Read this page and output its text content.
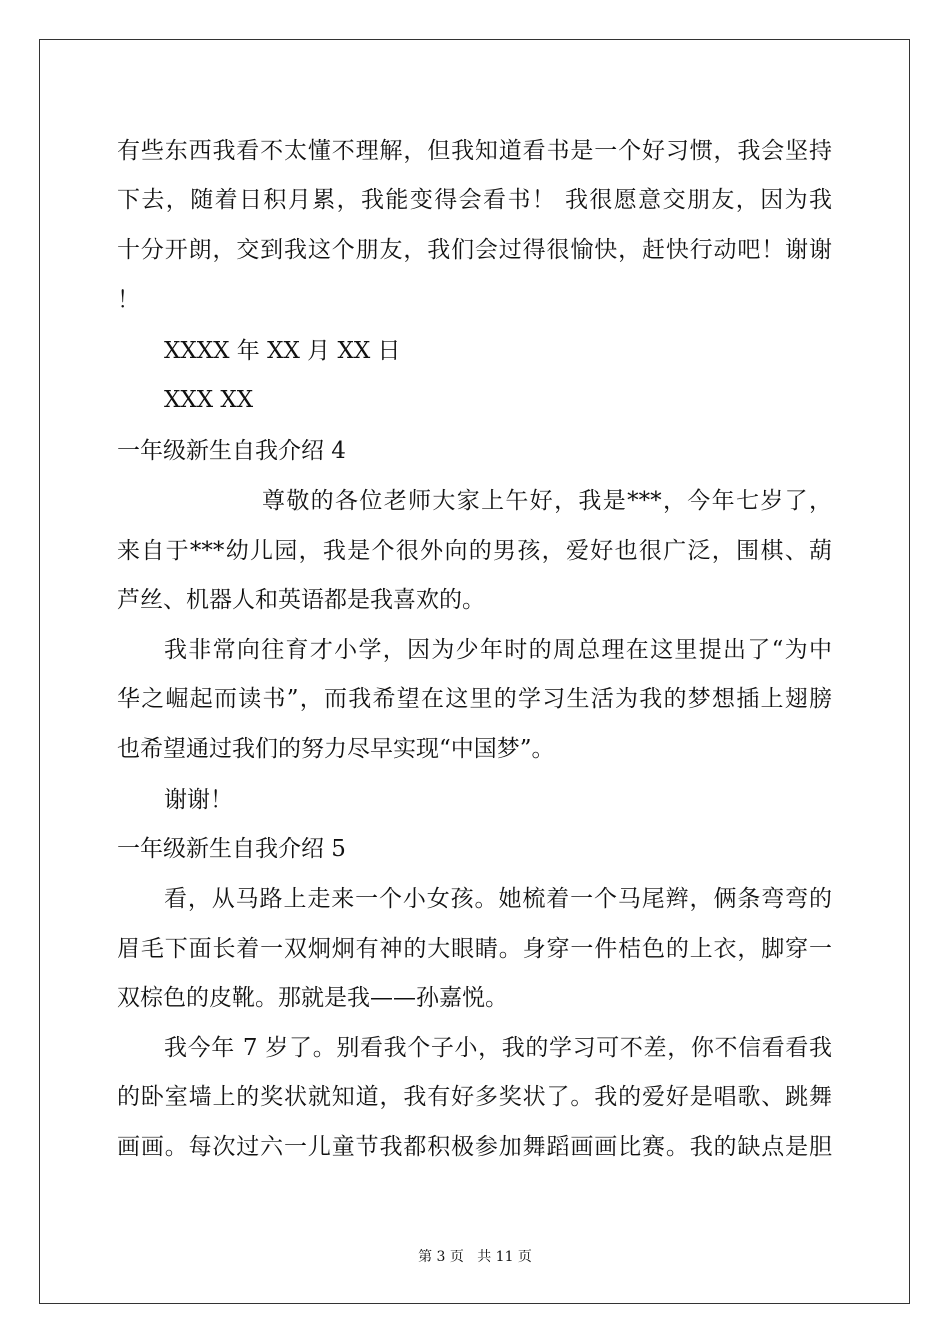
有些东西我看不太懂不理解，但我知道看书是一个好习惯，我会坚持
下去，随着日积月累，我能变得会看书！ 我很愿意交朋友，因为我
十分开朗，交到我这个朋友，我们会过得很愉快，赶快行动吧！谢谢
！
XXXX 年 XX 月 XX 日
XXX XX
一年级新生自我介绍 4
尊敬的各位老师大家上午好，我是***，今年七岁了，
来自于***幼儿园，我是个很外向的男孩，爱好也很广泛，围棋、葫
芦丝、机器人和英语都是我喜欢的。
我非常向往育才小学，因为少年时的周总理在这里提出了“为中
华之崛起而读书”，而我希望在这里的学习生活为我的梦想插上翅膀
也希望通过我们的努力尽早实现“中国梦”。
谢谢！
一年级新生自我介绍 5
看，从马路上走来一个小女孩。她梳着一个马尾辫，俩条弯弯的
眉毛下面长着一双炯炯有神的大眼睛。身穿一件桔色的上衣，脚穿一
双棕色的皮靴。那就是我——孙嘉悦。
我今年 7 岁了。别看我个子小，我的学习可不差，你不信看看我
的卧室墙上的奖状就知道，我有好多奖状了。我的爱好是唱歌、跳舞
画画。每次过六一儿童节我都积极参加舞蹈画画比赛。我的缺点是胆
第 3 页   共 11 页
